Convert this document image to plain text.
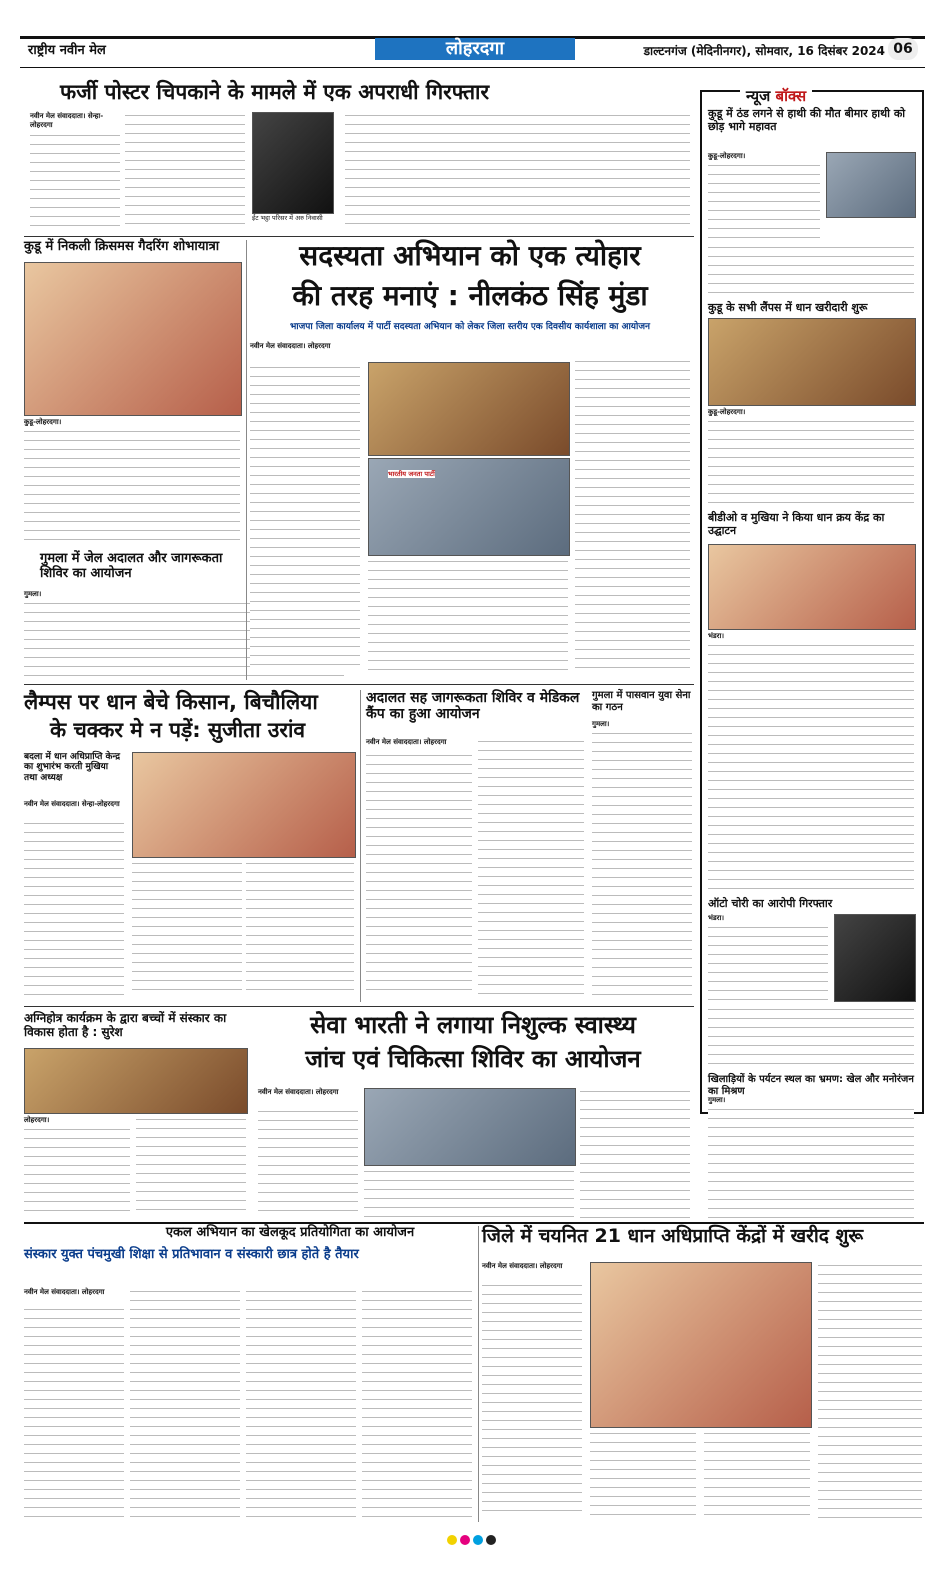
राष्ट्रीय नवीन मेल	लोहरदगा	डाल्टनगंज (मेदिनीनगर), सोमवार, 16 दिसंबर 2024 06
फर्जी पोस्टर चिपकाने के मामले में एक अपराधी गिरफ्तार
नवीन मेल संवाददाता। सेन्हा-लोहरदगा
ईंट भट्ठा परिसर में अरु निवासी
कुडू में निकली क्रिसमस गैदरिंग शोभायात्रा
कुडू-लोहरदगा।
गुमला में जेल अदालत और जागरूकता शिविर का आयोजन
गुमला।
सदस्यता अभियान को एक त्योहार
की तरह मनाएं : नीलकंठ सिंह मुंडा
भाजपा जिला कार्यालय में पार्टी सदस्यता अभियान को लेकर जिला स्तरीय एक दिवसीय कार्यशाला का आयोजन
नवीन मेल संवाददाता। लोहरदगा
भारतीय जनता पार्टी
लैम्पस पर धान बेचे किसान, बिचौलिया
के चक्कर मे न पड़ें: सुजीता उरांव
बदला में धान अधिप्राप्ति केन्द्र का शुभारंभ करती मुखिया तथा अध्यक्ष
नवीन मेल संवाददाता। सेन्हा-लोहरदगा
अदालत सह जागरूकता शिविर व मेडिकल कैंप का हुआ आयोजन
नवीन मेल संवाददाता। लोहरदगा
गुमला में पासवान युवा सेना का गठन
गुमला।
अग्निहोत्र कार्यक्रम के द्वारा बच्चों में संस्कार का विकास होता है : सुरेश
लोहरदगा।
सेवा भारती ने लगाया निशुल्क स्वास्थ्य
जांच एवं चिकित्सा शिविर का आयोजन
नवीन मेल संवाददाता। लोहरदगा
न्यूज बॉक्स
कुडू में ठंड लगने से हाथी की मौत बीमार हाथी को छोड़ भागे महावत
कुडू-लोहरदगा।
कुडू के सभी लैंपस में धान खरीदारी शुरू
कुडू-लोहरदगा।
बीडीओ व मुखिया ने किया धान क्रय केंद्र का उद्घाटन
भंडरा।
ऑटो चोरी का आरोपी गिरफ्तार
भंडरा।
खिलाड़ियों के पर्यटन स्थल का भ्रमण: खेल और मनोरंजन का मिश्रण
गुमला।
एकल अभियान का खेलकूद प्रतियोगिता का आयोजन
संस्कार युक्त पंचमुखी शिक्षा से प्रतिभावान व संस्कारी छात्र होते है तैयार
नवीन मेल संवाददाता। लोहरदगा
जिले में चयनित 21 धान अधिप्राप्ति केंद्रों में खरीद शुरू
नवीन मेल संवाददाता। लोहरदगा
